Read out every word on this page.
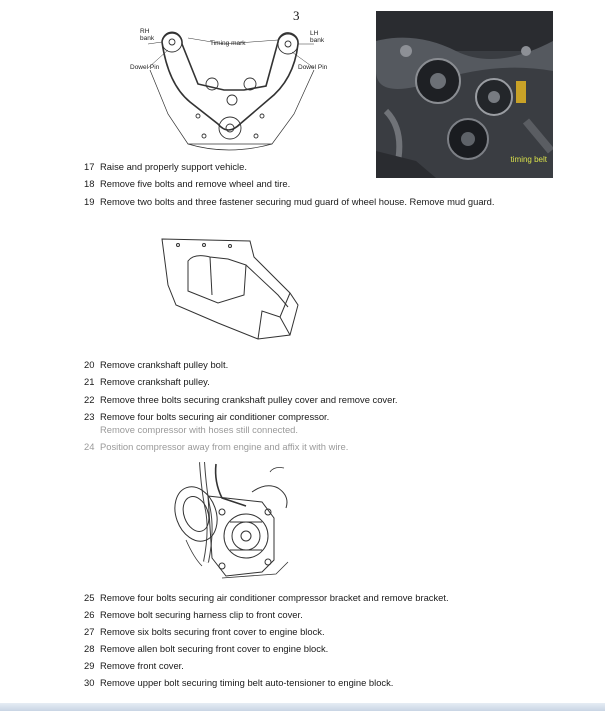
3
RH
bank
LH
bank
Timing mark
Dowel Pin	Dowel Pin
timing belt
17 Raise and properly support vehicle.
18 Remove five bolts and remove wheel and tire.
19 Remove two bolts and three fastener securing mud guard of wheel house. Remove mud guard.
20 Remove crankshaft pulley bolt.
21 Remove crankshaft pulley.
22 Remove three bolts securing crankshaft pulley cover and remove cover.
23 Remove four bolts securing air conditioner compressor.
Remove compressor with hoses still connected.
24 Position compressor away from engine and affix it with wire.
25 Remove four bolts securing air conditioner compressor bracket and remove bracket.
26 Remove bolt securing harness clip to front cover.
27 Remove six bolts securing front cover to engine block.
28 Remove allen bolt securing front cover to engine block.
29 Remove front cover.
30 Remove upper bolt securing timing belt auto-tensioner to engine block.
